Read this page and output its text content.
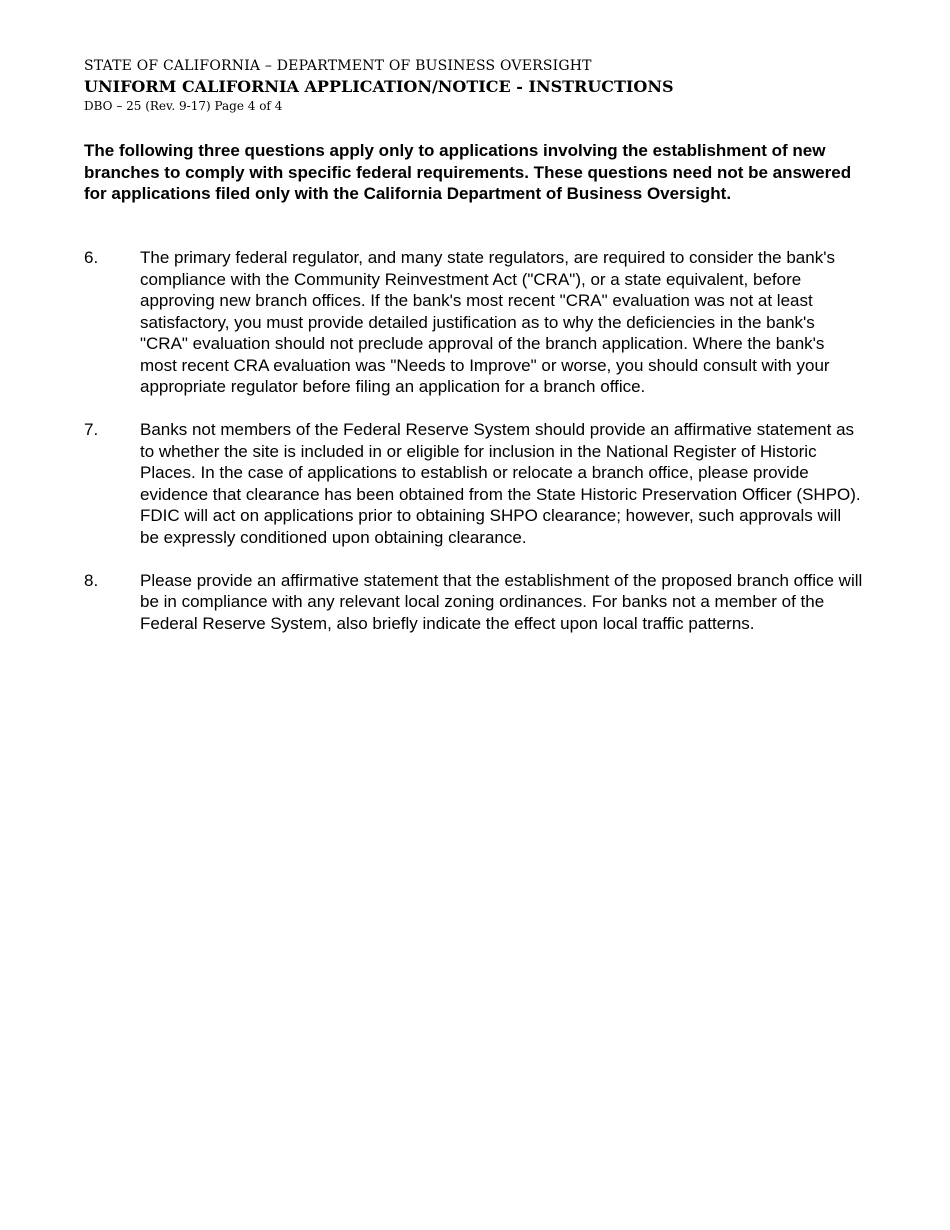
STATE OF CALIFORNIA – DEPARTMENT OF BUSINESS OVERSIGHT
UNIFORM CALIFORNIA APPLICATION/NOTICE - INSTRUCTIONS
DBO – 25 (Rev. 9-17) Page 4 of 4

The following three questions apply only to applications involving the establishment of new branches to comply with specific federal requirements. These questions need not be answered for applications filed only with the California Department of Business Oversight.

6. The primary federal regulator, and many state regulators, are required to consider the bank's compliance with the Community Reinvestment Act ("CRA"), or a state equivalent, before approving new branch offices. If the bank's most recent "CRA" evaluation was not at least satisfactory, you must provide detailed justification as to why the deficiencies in the bank's "CRA" evaluation should not preclude approval of the branch application. Where the bank's most recent CRA evaluation was "Needs to Improve" or worse, you should consult with your appropriate regulator before filing an application for a branch office.

7. Banks not members of the Federal Reserve System should provide an affirmative statement as to whether the site is included in or eligible for inclusion in the National Register of Historic Places. In the case of applications to establish or relocate a branch office, please provide evidence that clearance has been obtained from the State Historic Preservation Officer (SHPO). FDIC will act on applications prior to obtaining SHPO clearance; however, such approvals will be expressly conditioned upon obtaining clearance.

8. Please provide an affirmative statement that the establishment of the proposed branch office will be in compliance with any relevant local zoning ordinances. For banks not a member of the Federal Reserve System, also briefly indicate the effect upon local traffic patterns.
